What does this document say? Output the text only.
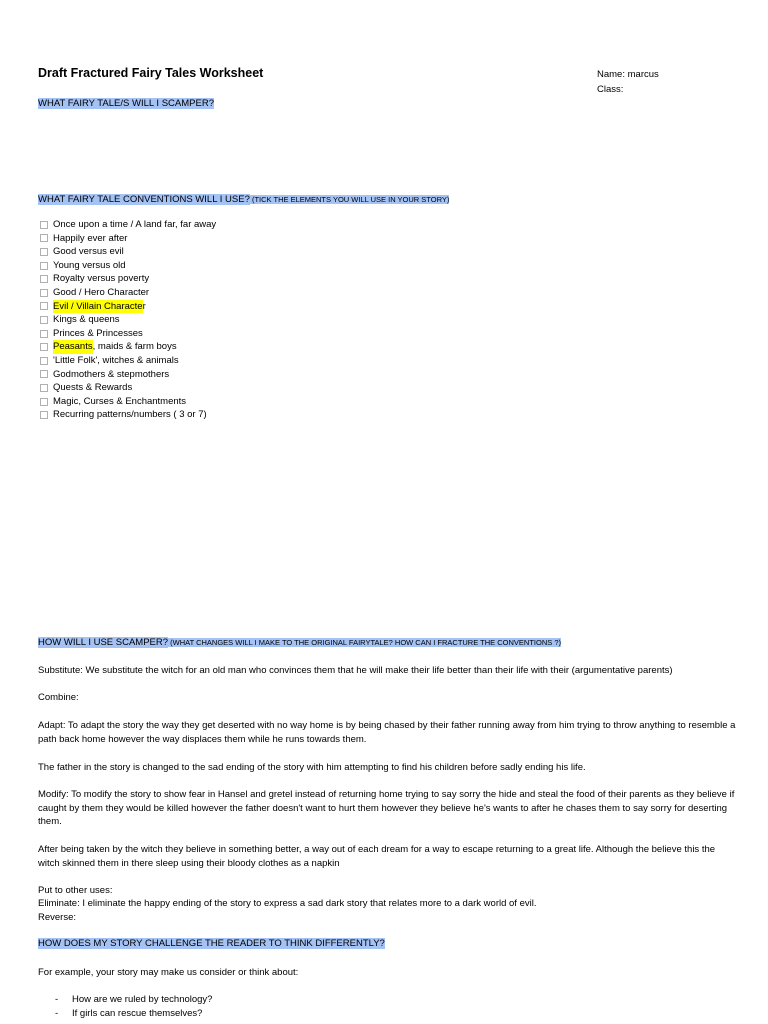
Draft Fractured Fairy Tales Worksheet	Name: marcus
Class:
WHAT FAIRY TALE/S WILL I SCAMPER?
WHAT FAIRY TALE CONVENTIONS WILL I USE? (TICK THE ELEMENTS YOU WILL USE IN YOUR STORY)
Once upon a time / A land far, far away
Happily ever after
Good versus evil
Young versus old
Royalty versus poverty
Good / Hero Character
Evil / Villain Characte r
Kings & queens
Princes & Princesses
Peasants , maids & farm boys
'Little Folk', witches & animals
Godmothers & stepmothers
Quests & Rewards
Magic, Curses & Enchantments
Recurring patterns/numbers ( 3 or 7)
HOW WILL I USE SCAMPER? (WHAT CHANGES WILL I MAKE TO THE ORIGINAL FAIRYTALE? HOW CAN I FRACTURE THE CONVENTIONS ?)
Substitute: We substitute the witch for an old man who convinces them that he will make their life better than their life with their (argumentative parents)
Combine:
Adapt: To adapt the story the way they get deserted with no way home is by being chased by their father running away from him trying to throw anything to resemble a path back home however the way displaces them while he runs towards them.
The father in the story is changed to the sad ending of the story with him attempting to find his children before sadly ending his life.
Modify: To modify the story to show fear in Hansel and gretel instead of returning home trying to say sorry the hide and steal the food of their parents as they believe if caught by them they would be killed however the father doesn't want to hurt them however they believe he's wants to after he chases them to say sorry for deserting them.
After being taken by the witch they believe in something better, a way out of each dream for a way to escape returning to a great life. Although the believe this the witch skinned them in there sleep using their bloody clothes as a napkin
Put to other uses:
Eliminate: I eliminate the happy ending of the story to express a sad dark story that relates more to a dark world of evil.
Reverse:
HOW DOES MY STORY CHALLENGE THE READER TO THINK DIFFERENTLY?
For example, your story may make us consider or think about:
-	How are we ruled by technology?
-	If girls can rescue themselves?
